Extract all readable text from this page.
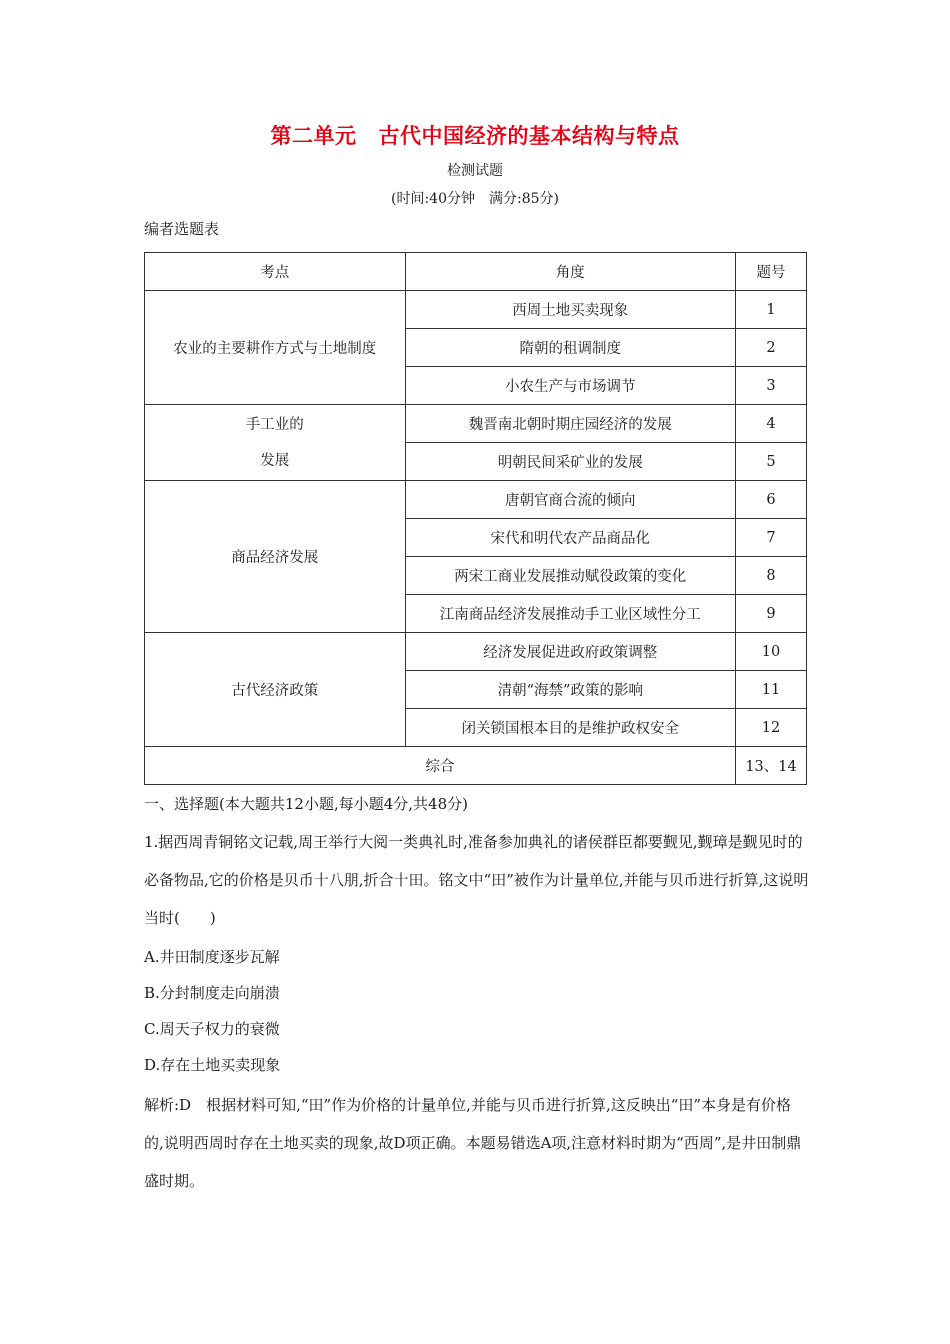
第二单元 古代中国经济的基本结构与特点
检测试题
(时间:40分钟 满分:85分)
编者选题表
考点	角度	题号
农业的主要耕作方式与土地制度	西周土地买卖现象	1
	隋朝的租调制度	2
	小农生产与市场调节	3

手工业的
发展	魏晋南北朝时期庄园经济的发展	4
	明朝民间采矿业的发展	5
商品经济发展	唐朝官商合流的倾向	6
	宋代和明代农产品商品化	7
	两宋工商业发展推动赋役政策的变化	8
	江南商品经济发展推动手工业区域性分工	9
古代经济政策	经济发展促进政府政策调整	10
	清朝“海禁”政策的影响	11
	闭关锁国根本目的是维护政权安全	12
综合		13、14
一、选择题(本大题共12小题,每小题4分,共48分)
1.据西周青铜铭文记载,周王举行大阅一类典礼时,准备参加典礼的诸侯群臣都要觐见,觐璋是觐见时的必备物品,它的价格是贝币十八朋,折合十田。铭文中“田”被作为计量单位,并能与贝币进行折算,这说明当时(　　)
A.井田制度逐步瓦解
B.分封制度走向崩溃
C.周天子权力的衰微
D.存在土地买卖现象
解析:D　根据材料可知,“田”作为价格的计量单位,并能与贝币进行折算,这反映出“田”本身是有价格的,说明西周时存在土地买卖的现象,故D项正确。本题易错选A项,注意材料时期为“西周”,是井田制鼎盛时期。
